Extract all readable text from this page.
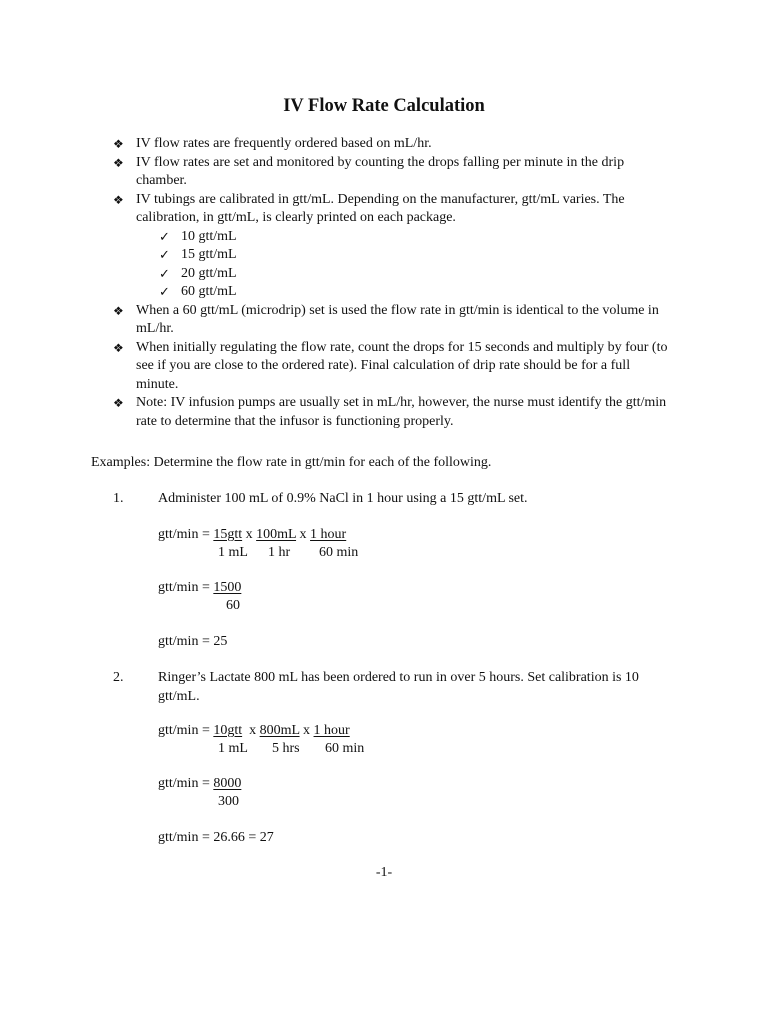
IV Flow Rate Calculation
❖ IV flow rates are frequently ordered based on mL/hr.
❖ IV flow rates are set and monitored by counting the drops falling per minute in the drip chamber.
❖ IV tubings are calibrated in gtt/mL. Depending on the manufacturer, gtt/mL varies. The calibration, in gtt/mL, is clearly printed on each package.
✓ 10 gtt/mL
✓ 15 gtt/mL
✓ 20 gtt/mL
✓ 60 gtt/mL
❖ When a 60 gtt/mL (microdrip) set is used the flow rate in gtt/min is identical to the volume in mL/hr.
❖ When initially regulating the flow rate, count the drops for 15 seconds and multiply by four (to see if you are close to the ordered rate). Final calculation of drip rate should be for a full minute.
❖ Note: IV infusion pumps are usually set in mL/hr, however, the nurse must identify the gtt/min rate to determine that the infusor is functioning properly.
Examples: Determine the flow rate in gtt/min for each of the following.
1. Administer 100 mL of 0.9% NaCl in 1 hour using a 15 gtt/mL set.
gtt/min = 15gtt x 100mL x 1 hour
1 mL 1 hr 60 min
gtt/min = 1500
60
gtt/min = 25
2. Ringer’s Lactate 800 mL has been ordered to run in over 5 hours. Set calibration is 10 gtt/mL.
gtt/min = 10gtt  x 800mL x 1 hour
1 mL 5 hrs 60 min
gtt/min = 8000
300
gtt/min = 26.66 = 27
-1-
